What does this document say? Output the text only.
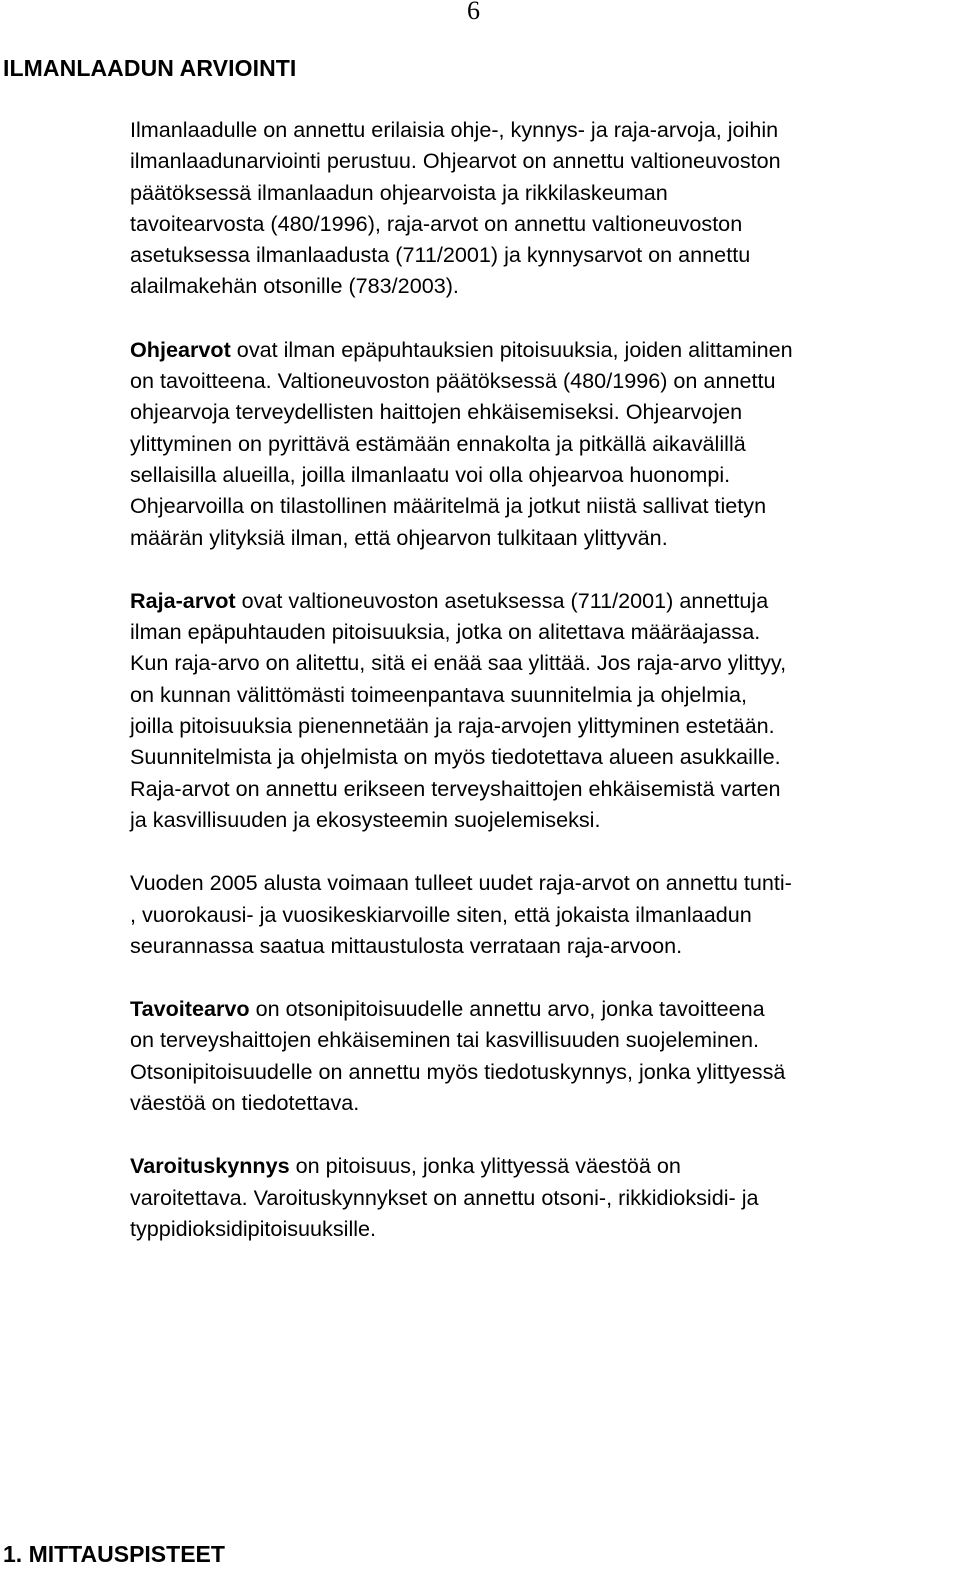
6
ILMANLAADUN ARVIOINTI

Ilmanlaadulle on annettu erilaisia ohje-, kynnys- ja raja-arvoja, joihin
ilmanlaadunarviointi perustuu. Ohjearvot on annettu valtioneuvoston
päätöksessä ilmanlaadun ohjearvoista ja rikkilaskeuman
tavoitearvosta (480/1996), raja-arvot on annettu valtioneuvoston
asetuksessa ilmanlaadusta (711/2001) ja kynnysarvot on annettu
alailmakehän otsonille (783/2003).

Ohjearvot ovat ilman epäpuhtauksien pitoisuuksia, joiden alittaminen
on tavoitteena. Valtioneuvoston päätöksessä (480/1996) on annettu
ohjearvoja terveydellisten haittojen ehkäisemiseksi. Ohjearvojen
ylittyminen on pyrittävä estämään ennakolta ja pitkällä aikavälillä
sellaisilla alueilla, joilla ilmanlaatu voi olla ohjearvoa huonompi.
Ohjearvoilla on tilastollinen määritelmä ja jotkut niistä sallivat tietyn
määrän ylityksiä ilman, että ohjearvon tulkitaan ylittyvän.

Raja-arvot ovat valtioneuvoston asetuksessa (711/2001) annettuja
ilman epäpuhtauden pitoisuuksia, jotka on alitettava määräajassa.
Kun raja-arvo on alitettu, sitä ei enää saa ylittää. Jos raja-arvo ylittyy,
on kunnan välittömästi toimeenpantava suunnitelmia ja ohjelmia,
joilla pitoisuuksia pienennetään ja raja-arvojen ylittyminen estetään.
Suunnitelmista ja ohjelmista on myös tiedotettava alueen asukkaille.
Raja-arvot on annettu erikseen terveyshaittojen ehkäisemistä varten
ja kasvillisuuden ja ekosysteemin suojelemiseksi.

Vuoden 2005 alusta voimaan tulleet uudet raja-arvot on annettu tunti-
, vuorokausi- ja vuosikeskiarvoille siten, että jokaista ilmanlaadun
seurannassa saatua mittaustulosta verrataan raja-arvoon.

Tavoitearvo on otsonipitoisuudelle annettu arvo, jonka tavoitteena
on terveyshaittojen ehkäiseminen tai kasvillisuuden suojeleminen.
Otsonipitoisuudelle on annettu myös tiedotuskynnys, jonka ylittyessä
väestöä on tiedotettava.

Varoituskynnys on pitoisuus, jonka ylittyessä väestöä on
varoitettava. Varoituskynnykset on annettu otsoni-, rikkidioksidi- ja
typpidioksidipitoisuuksille.

1. MITTAUSPISTEET
